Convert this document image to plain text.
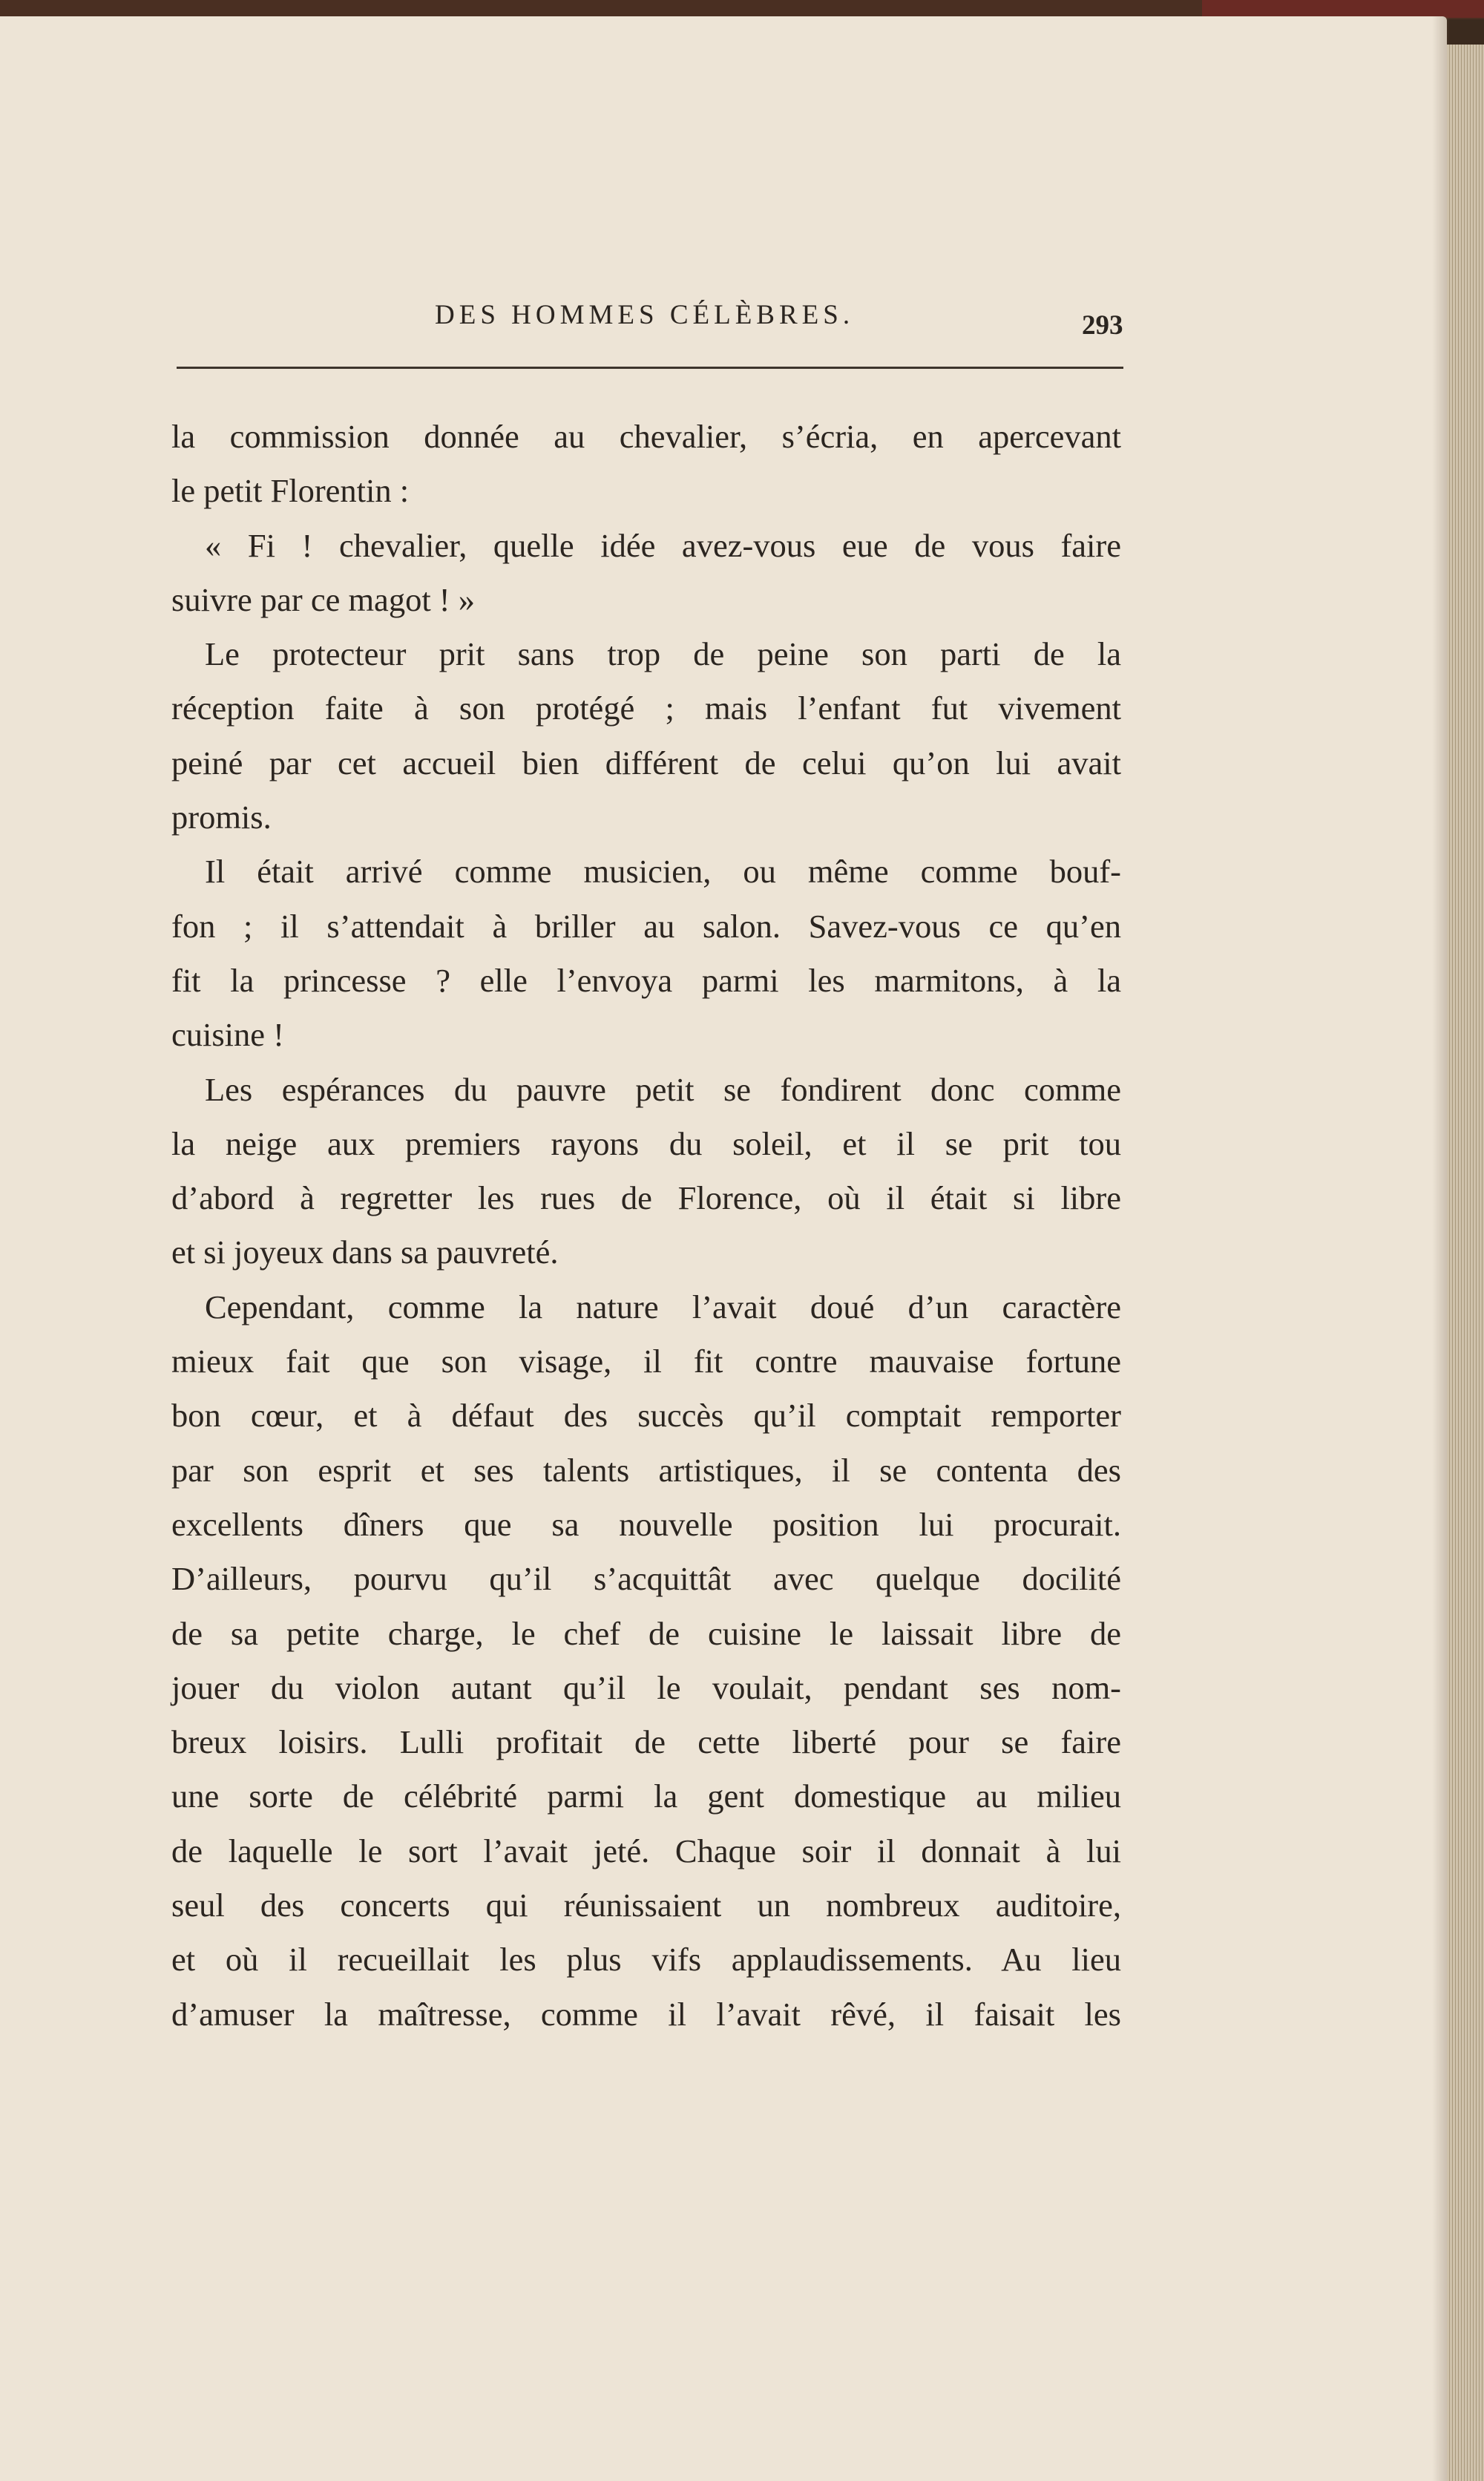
DES HOMMES CÉLÈBRES.	293
la commission donnée au chevalier, s’écria, en apercevant
le petit Florentin :
« Fi ! chevalier, quelle idée avez-vous eue de vous faire
suivre par ce magot ! »
Le protecteur prit sans trop de peine son parti de la
réception faite à son protégé ; mais l’enfant fut vivement
peiné par cet accueil bien différent de celui qu’on lui avait
promis.
Il était arrivé comme musicien, ou même comme bouf-
fon ; il s’attendait à briller au salon. Savez-vous ce qu’en
fit la princesse ? elle l’envoya parmi les marmitons, à la
cuisine !
Les espérances du pauvre petit se fondirent donc comme
la neige aux premiers rayons du soleil, et il se prit tou
d’abord à regretter les rues de Florence, où il était si libre
et si joyeux dans sa pauvreté.
Cependant, comme la nature l’avait doué d’un caractère
mieux fait que son visage, il fit contre mauvaise fortune
bon cœur, et à défaut des succès qu’il comptait remporter
par son esprit et ses talents artistiques, il se contenta des
excellents dîners que sa nouvelle position lui procurait.
D’ailleurs, pourvu qu’il s’acquittât avec quelque docilité
de sa petite charge, le chef de cuisine le laissait libre de
jouer du violon autant qu’il le voulait, pendant ses nom-
breux loisirs. Lulli profitait de cette liberté pour se faire
une sorte de célébrité parmi la gent domestique au milieu
de laquelle le sort l’avait jeté. Chaque soir il donnait à lui
seul des concerts qui réunissaient un nombreux auditoire,
et où il recueillait les plus vifs applaudissements. Au lieu
d’amuser la maîtresse, comme il l’avait rêvé, il faisait les
